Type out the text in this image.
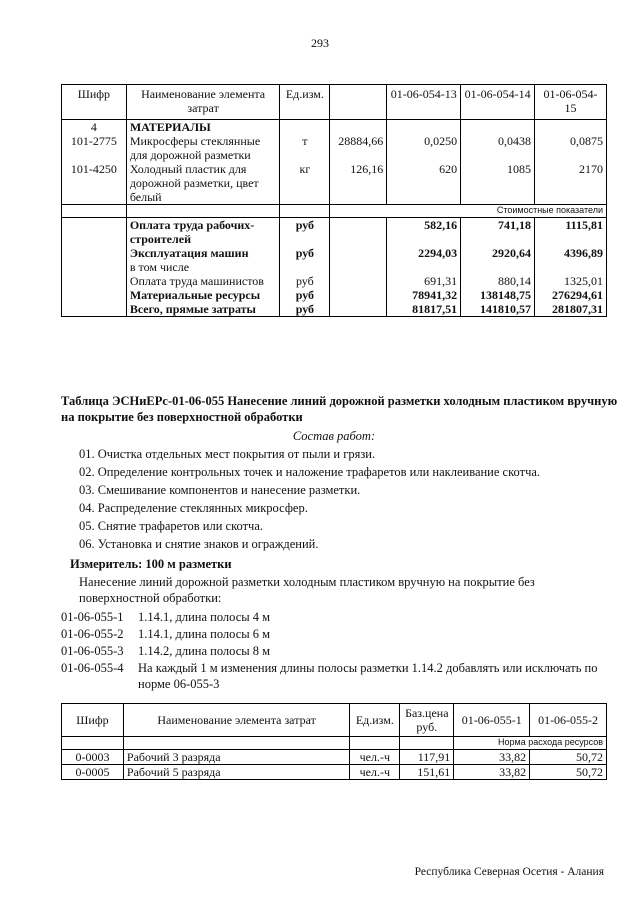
293
Шифр	Наименование элемента затрат	Ед.изм.		01-06-054-13	01-06-054-14	01-06-054-15
4	МАТЕРИАЛЫ					
101-2775	Микросферы стеклянные для дорожной разметки	т	28884,66	0,0250	0,0438	0,0875
101-4250	Холодный пластик для дорожной разметки, цвет белый	кг	126,16	620	1085	2170
			Стоимостные показатели			
	Оплата труда рабочих-строителей	руб		582,16	741,18	1115,81
	Эксплуатация машин	руб		2294,03	2920,64	4396,89
	в том числе					
	Оплата труда машинистов	руб		691,31	880,14	1325,01
	Материальные ресурсы	руб		78941,32	138148,75	276294,61
	Всего, прямые затраты	руб		81817,51	141810,57	281807,31
Таблица ЭСНиЕРс-01-06-055 Нанесение линий дорожной разметки холодным пластиком вручную на покрытие без поверхностной обработки
Состав работ:
01. Очистка отдельных мест покрытия от пыли и грязи.
02. Определение контрольных точек и наложение трафаретов или наклеивание скотча.
03. Смешивание компонентов и нанесение разметки.
04. Распределение стеклянных микросфер.
05. Снятие трафаретов или скотча.
06. Установка и снятие знаков и ограждений.
Измеритель: 100 м разметки
Нанесение линий дорожной разметки холодным пластиком вручную на покрытие без поверхностной обработки:
01-06-055-1	1.14.1, длина полосы 4 м
01-06-055-2	1.14.1, длина полосы 6 м
01-06-055-3	1.14.2, длина полосы 8 м
01-06-055-4	На каждый 1 м изменения длины полосы разметки 1.14.2 добавлять или исключать по норме 06-055-3
Шифр	Наименование элемента затрат	Ед.изм.	Баз.цена руб.	01-06-055-1	01-06-055-2
				Норма расхода ресурсов	
0-0003	Рабочий 3 разряда	чел.-ч	117,91	33,82	50,72
0-0005	Рабочий 5 разряда	чел.-ч	151,61	33,82	50,72
Республика Северная Осетия - Алания
